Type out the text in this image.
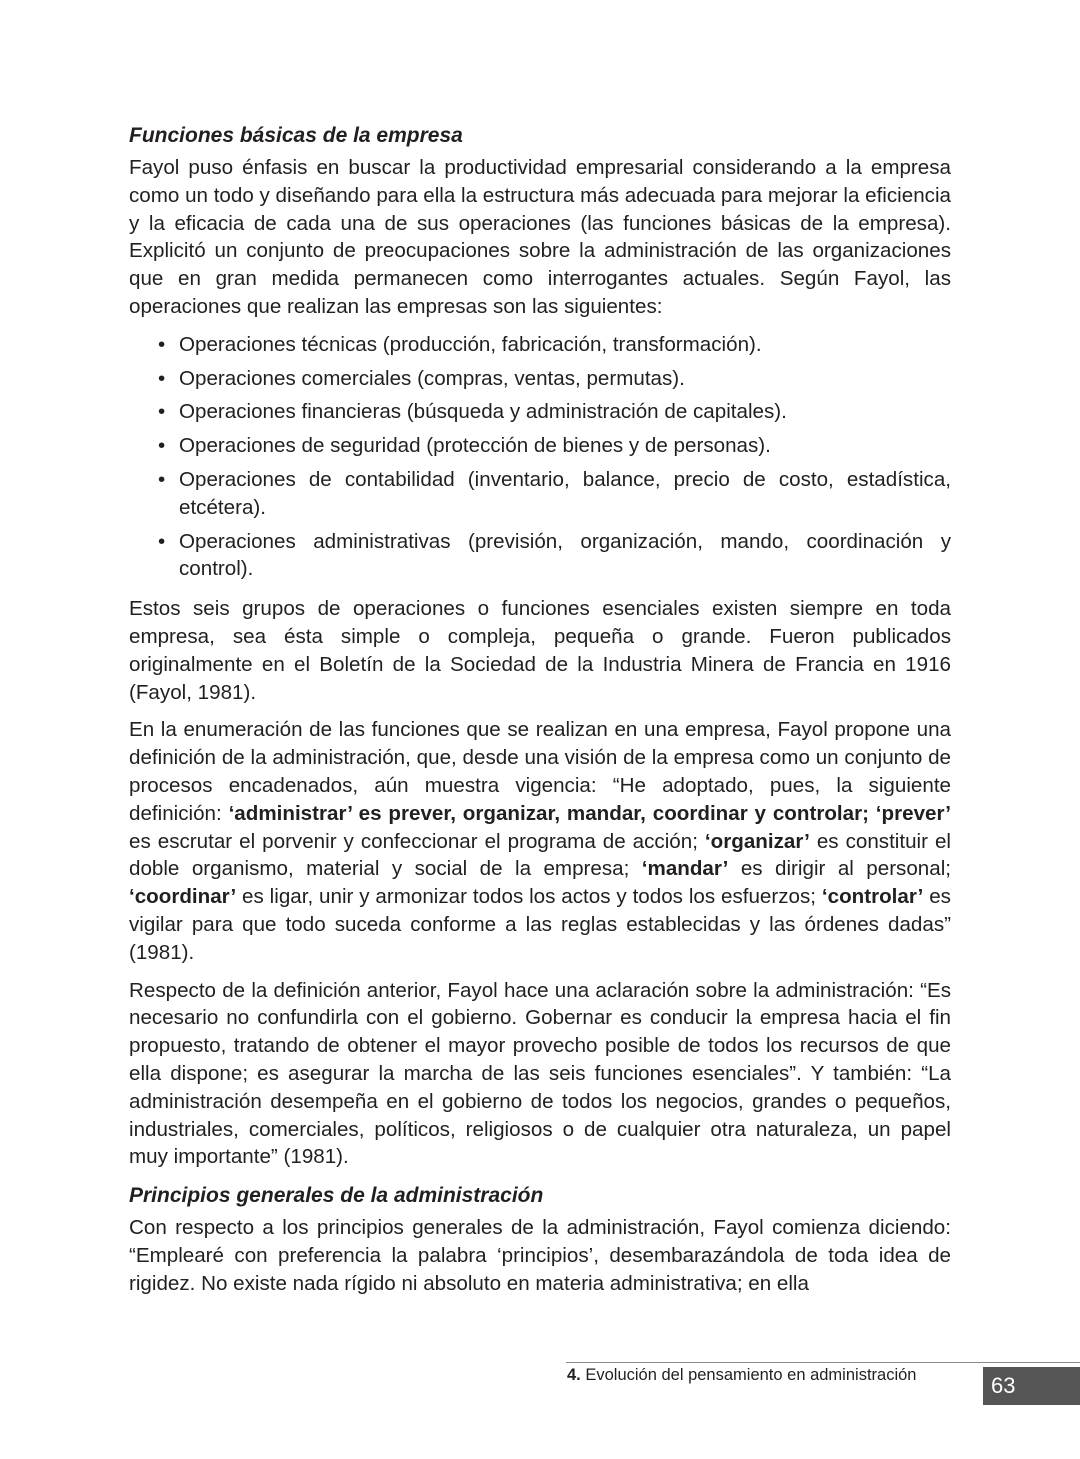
Funciones básicas de la empresa

Fayol puso énfasis en buscar la productividad empresarial considerando a la empresa como un todo y diseñando para ella la estructura más adecuada para mejorar la eficiencia y la eficacia de cada una de sus operaciones (las funciones básicas de la empresa). Explicitó un conjunto de preocupaciones sobre la administración de las organizaciones que en gran medida permanecen como interrogantes actuales. Según Fayol, las operaciones que realizan las empresas son las siguientes:

• Operaciones técnicas (producción, fabricación, transformación).
• Operaciones comerciales (compras, ventas, permutas).
• Operaciones financieras (búsqueda y administración de capitales).
• Operaciones de seguridad (protección de bienes y de personas).
• Operaciones de contabilidad (inventario, balance, precio de costo, estadística, etcétera).
• Operaciones administrativas (previsión, organización, mando, coordinación y control).

Estos seis grupos de operaciones o funciones esenciales existen siempre en toda empresa, sea ésta simple o compleja, pequeña o grande. Fueron publicados originalmente en el Boletín de la Sociedad de la Industria Minera de Francia en 1916 (Fayol, 1981).

En la enumeración de las funciones que se realizan en una empresa, Fayol propone una definición de la administración, que, desde una visión de la empresa como un conjunto de procesos encadenados, aún muestra vigencia: “He adoptado, pues, la siguiente definición: ‘administrar’ es prever, organizar, mandar, coordinar y controlar; ‘prever’ es escrutar el porvenir y confeccionar el programa de acción; ‘organizar’ es constituir el doble organismo, material y social de la empresa; ‘mandar’ es dirigir al personal; ‘coordinar’ es ligar, unir y armonizar todos los actos y todos los esfuerzos; ‘controlar’ es vigilar para que todo suceda conforme a las reglas establecidas y las órdenes dadas” (1981).

Respecto de la definición anterior, Fayol hace una aclaración sobre la administración: “Es necesario no confundirla con el gobierno. Gobernar es conducir la empresa hacia el fin propuesto, tratando de obtener el mayor provecho posible de todos los recursos de que ella dispone; es asegurar la marcha de las seis funciones esenciales”. Y también: “La administración desempeña en el gobierno de todos los negocios, grandes o pequeños, industriales, comerciales, políticos, religiosos o de cualquier otra naturaleza, un papel muy importante” (1981).

Principios generales de la administración

Con respecto a los principios generales de la administración, Fayol comienza diciendo: “Emplearé con preferencia la palabra ‘principios’, desembarazándola de toda idea de rigidez. No existe nada rígido ni absoluto en materia administrativa; en ella

4. Evolución del pensamiento en administración	63
